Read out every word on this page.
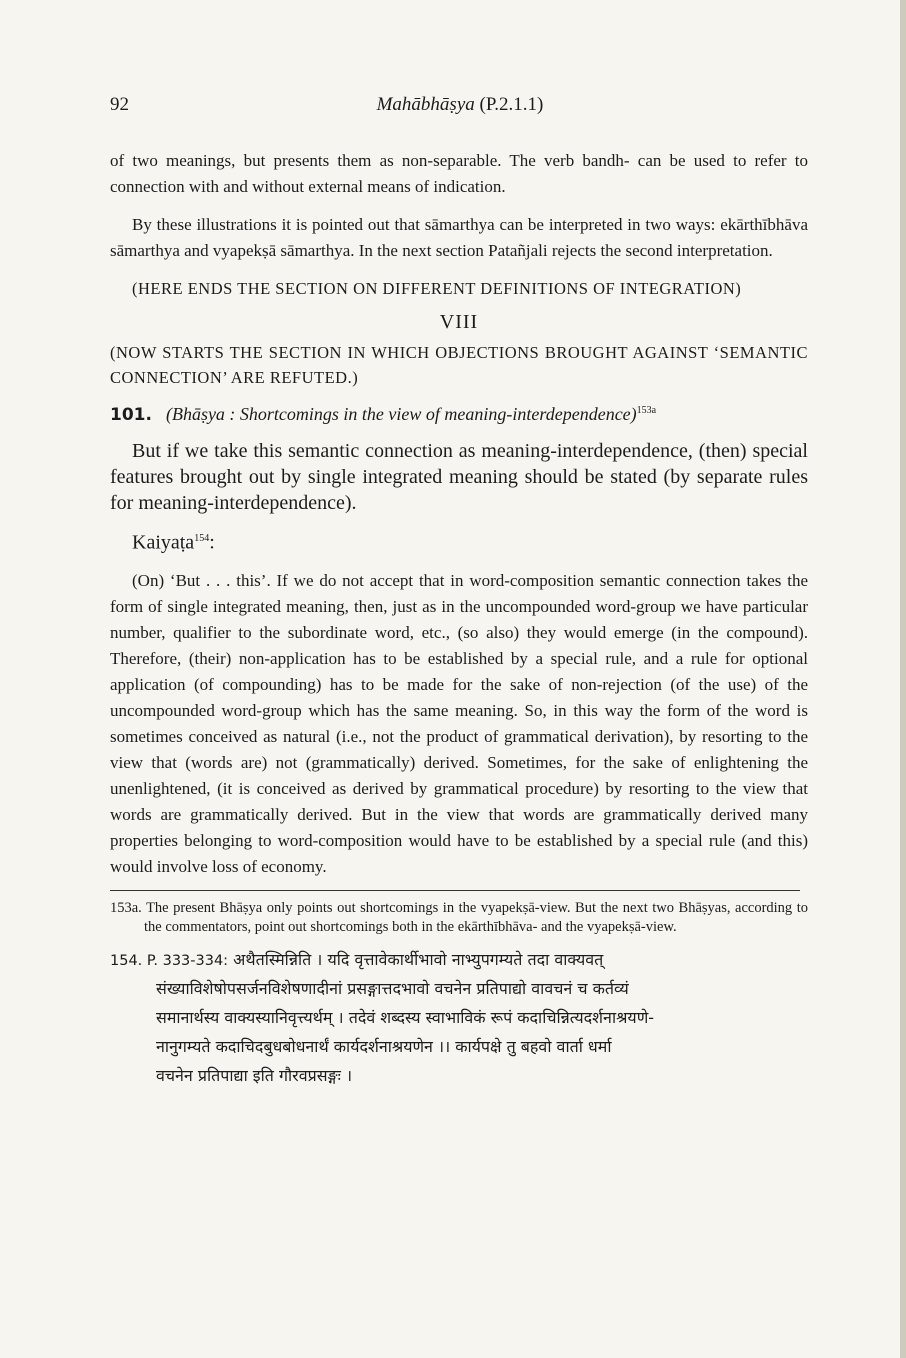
92	Mahābhāṣya (P.2.1.1)

of two meanings, but presents them as non-separable. The verb bandh- can be used to refer to connection with and without external means of indication.

By these illustrations it is pointed out that sāmarthya can be interpreted in two ways: ekārthībhāva sāmarthya and vyapekṣā sāmarthya. In the next section Patañjali rejects the second interpretation.

(HERE ENDS THE SECTION ON DIFFERENT DEFINITIONS OF INTEGRATION)

VIII

(NOW STARTS THE SECTION IN WHICH OBJECTIONS BROUGHT AGAINST ‘SEMANTIC CONNECTION’ ARE REFUTED.)

101. (Bhāṣya : Shortcomings in the view of meaning-interdependence)$^{153a}$

But if we take this semantic connection as meaning-interdependence, (then) special features brought out by single integrated meaning should be stated (by separate rules for meaning-interdependence).

Kaiyaṭa$^{154}$:

(On) ‘But . . . this’. If we do not accept that in word-composition semantic connection takes the form of single integrated meaning, then, just as in the uncompounded word-group we have particular number, qualifier to the subordinate word, etc., (so also) they would emerge (in the compound). Therefore, (their) non-application has to be established by a special rule, and a rule for optional application (of compounding) has to be made for the sake of non-rejection (of the use) of the uncompounded word-group which has the same meaning. So, in this way the form of the word is sometimes conceived as natural (i.e., not the product of grammatical derivation), by resorting to the view that (words are) not (grammatically) derived. Sometimes, for the sake of enlightening the unenlightened, (it is conceived as derived by grammatical procedure) by resorting to the view that words are grammatically derived. But in the view that words are grammatically derived many properties belonging to word-composition would have to be established by a special rule (and this) would involve loss of economy.

153a. The present Bhāṣya only points out shortcomings in the vyapekṣā-view. But the next two Bhāṣyas, according to the commentators, point out shortcomings both in the ekārthībhāva- and the vyapekṣā-view.

154. P. 333-334: अथैतस्मिन्निति । यदि वृत्तावेकार्थीभावो नाभ्युपगम्यते तदा वाक्यवत्
संख्याविशेषोपसर्जनविशेषणादीनां प्रसङ्गात्तदभावो वचनेन प्रतिपाद्यो वावचनं च कर्तव्यं
समानार्थस्य वाक्यस्यानिवृत्त्यर्थम् । तदेवं शब्दस्य स्वाभाविकं रूपं कदाचिन्नित्यदर्शनाश्रयणे-
नानुगम्यते कदाचिदबुधबोधनार्थं कार्यदर्शनाश्रयणेन ।। कार्यपक्षे तु बहवो वार्ता धर्मा
वचनेन प्रतिपाद्या इति गौरवप्रसङ्गः ।
